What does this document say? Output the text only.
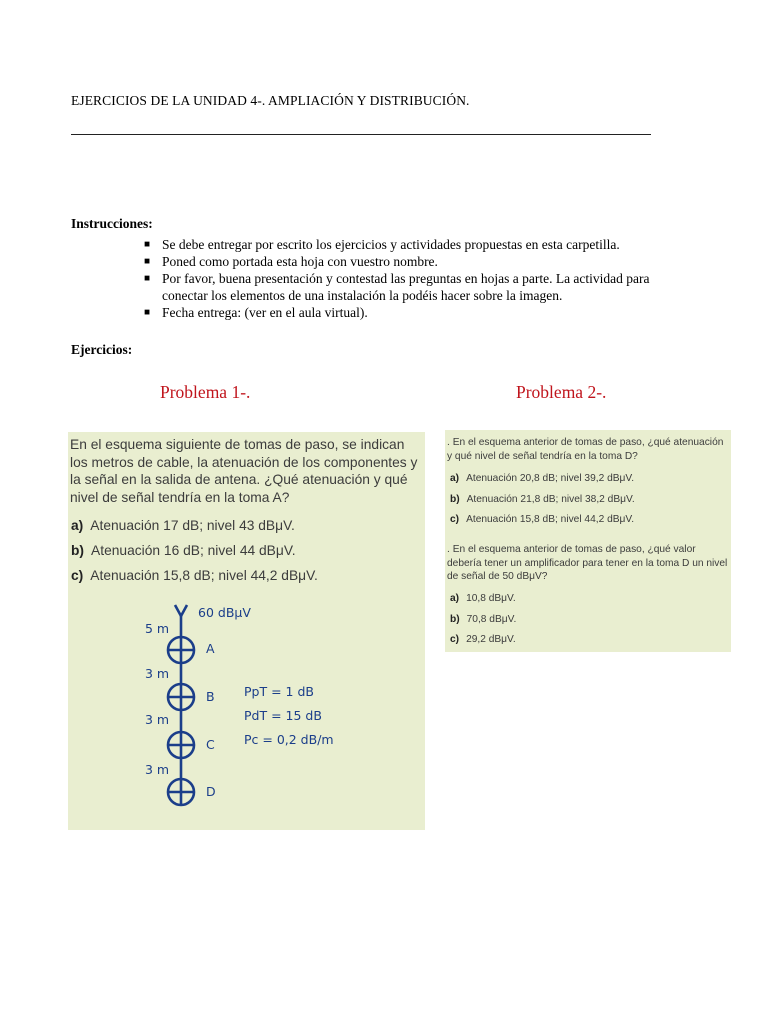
EJERCICIOS DE LA UNIDAD 4-. AMPLIACIÓN Y DISTRIBUCIÓN.
Instrucciones:
■ Se debe entregar por escrito los ejercicios y actividades propuestas en esta carpetilla.
■ Poned como portada esta hoja con vuestro nombre.
■ Por favor, buena presentación y contestad las preguntas en hojas a parte. La actividad para conectar los elementos de una instalación la podéis hacer sobre la imagen.
■ Fecha entrega: (ver en el aula virtual).
Ejercicios:
Problema 1-.	Problema 2-.
En el esquema siguiente de tomas de paso, se indican los metros de cable, la atenuación de los componentes y la señal en la salida de antena. ¿Qué atenuación y qué nivel de señal tendría en la toma A?
a) Atenuación 17 dB; nivel 43 dBμV.
b) Atenuación 16 dB; nivel 44 dBμV.
c) Atenuación 15,8 dB; nivel 44,2 dBμV.
60 dBμV
5 m
3 m
3 m
3 m
A
B
C
D
PpT = 1 dB
PdT = 15 dB
Pc = 0,2 dB/m
. En el esquema anterior de tomas de paso, ¿qué atenuación y qué nivel de señal tendría en la toma D?
a) Atenuación 20,8 dB; nivel 39,2 dBμV.
b) Atenuación 21,8 dB; nivel 38,2 dBμV.
c) Atenuación 15,8 dB; nivel 44,2 dBμV.
. En el esquema anterior de tomas de paso, ¿qué valor debería tener un amplificador para tener en la toma D un nivel de señal de 50 dBμV?
a) 10,8 dBμV.
b) 70,8 dBμV.
c) 29,2 dBμV.
